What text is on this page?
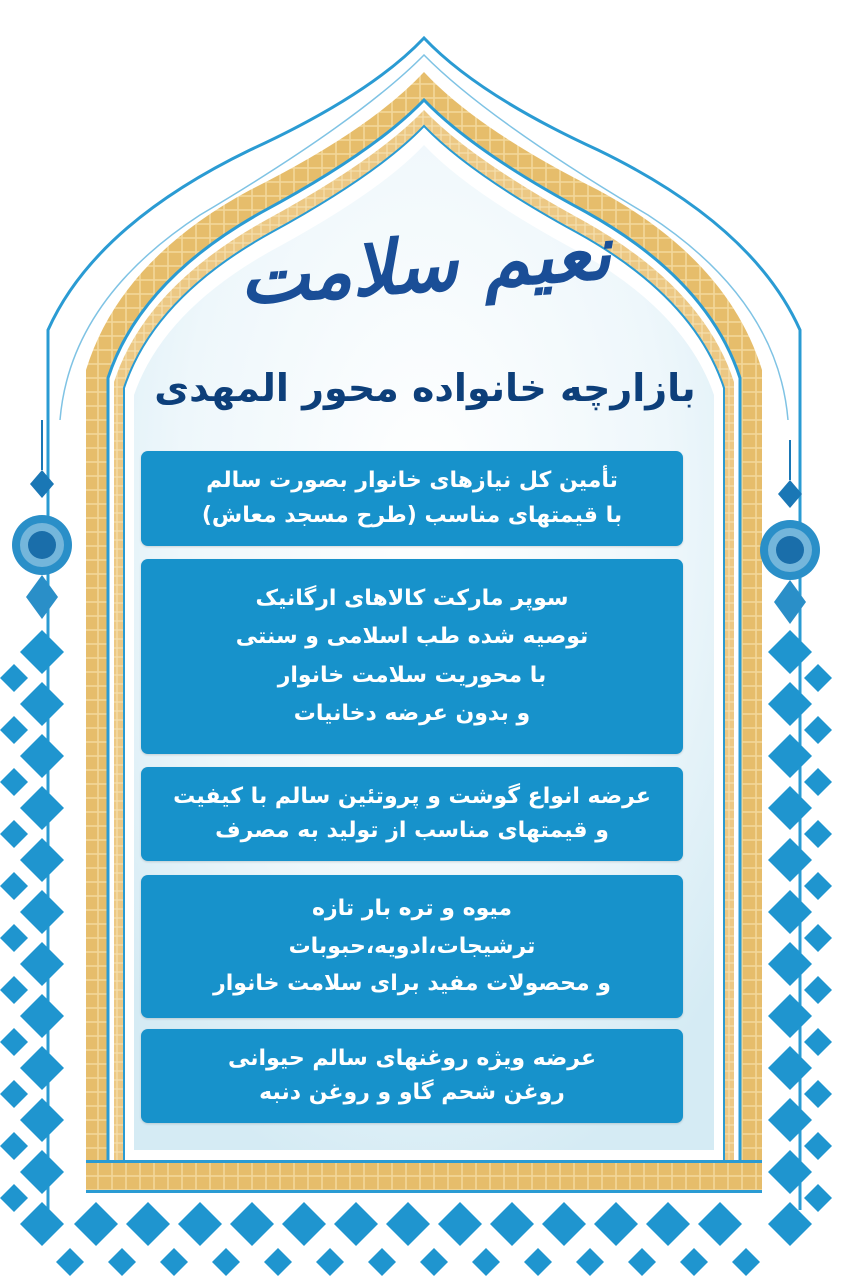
نعیم سلامت
بازارچه خانواده محور المهدی
تأمین کل نیازهای خانوار بصورت سالم
با قیمتهای مناسب (طرح مسجد معاش)
سوپر مارکت کالاهای ارگانیک
توصیه شده طب اسلامی و سنتی
با محوریت سلامت خانوار
و بدون عرضه دخانیات
عرضه انواع گوشت و پروتئین سالم با کیفیت
و قیمتهای مناسب از تولید به مصرف
میوه و تره بار تازه
ترشیجات،ادویه،حبوبات
و محصولات مفید برای سلامت خانوار
عرضه ویژه روغنهای سالم حیوانی
روغن شحم گاو و روغن دنبه
